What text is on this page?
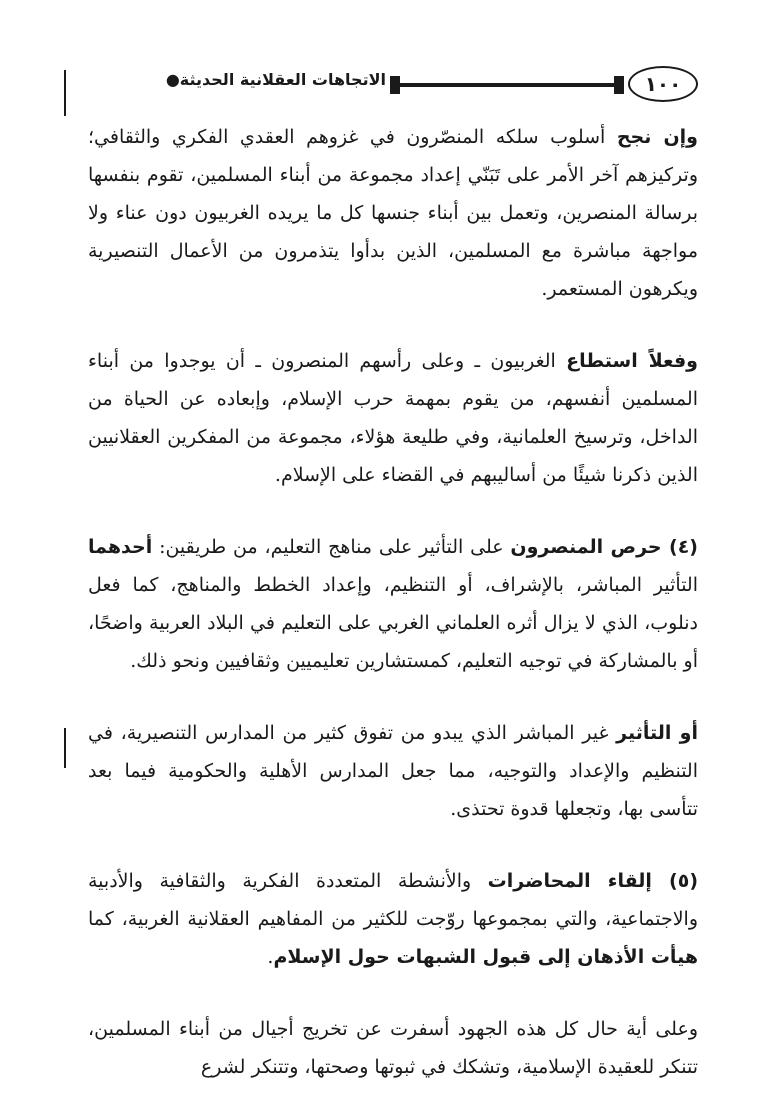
١٠٠
الاتجاهات العقلانية الحديثة●

وإن نجح أسلوب سلكه المنصّرون في غزوهم العقدي الفكري والثقافي؛ وتركيزهم آخر الأمر على تَبَنّي إعداد مجموعة من أبناء المسلمين، تقوم بنفسها برسالة المنصرين، وتعمل بين أبناء جنسها كل ما يريده الغربيون دون عناء ولا مواجهة مباشرة مع المسلمين، الذين بدأوا يتذمرون من الأعمال التنصيرية ويكرهون المستعمر.

وفعلاً استطاع الغربيون ـ وعلى رأسهم المنصرون ـ أن يوجدوا من أبناء المسلمين أنفسهم، من يقوم بمهمة حرب الإسلام، وإبعاده عن الحياة من الداخل، وترسيخ العلمانية، وفي طليعة هؤلاء، مجموعة من المفكرين العقلانيين الذين ذكرنا شيئًا من أساليبهم في القضاء على الإسلام.

(٤) حرص المنصرون على التأثير على مناهج التعليم، من طريقين: أحدهما التأثير المباشر، بالإشراف، أو التنظيم، وإعداد الخطط والمناهج، كما فعل دنلوب، الذي لا يزال أثره العلماني الغربي على التعليم في البلاد العربية واضحًا، أو بالمشاركة في توجيه التعليم، كمستشارين تعليميين وثقافيين ونحو ذلك.

أو التأثير غير المباشر الذي يبدو من تفوق كثير من المدارس التنصيرية، في التنظيم والإعداد والتوجيه، مما جعل المدارس الأهلية والحكومية فيما بعد تتأسى بها، وتجعلها قدوة تحتذى.

(٥) إلقاء المحاضرات والأنشطة المتعددة الفكرية والثقافية والأدبية والاجتماعية، والتي بمجموعها روّجت للكثير من المفاهيم العقلانية الغربية، كما هيأت الأذهان إلى قبول الشبهات حول الإسلام.

وعلى أية حال كل هذه الجهود أسفرت عن تخريج أجيال من أبناء المسلمين، تتنكر للعقيدة الإسلامية، وتشكك في ثبوتها وصحتها، وتتنكر لشرع
